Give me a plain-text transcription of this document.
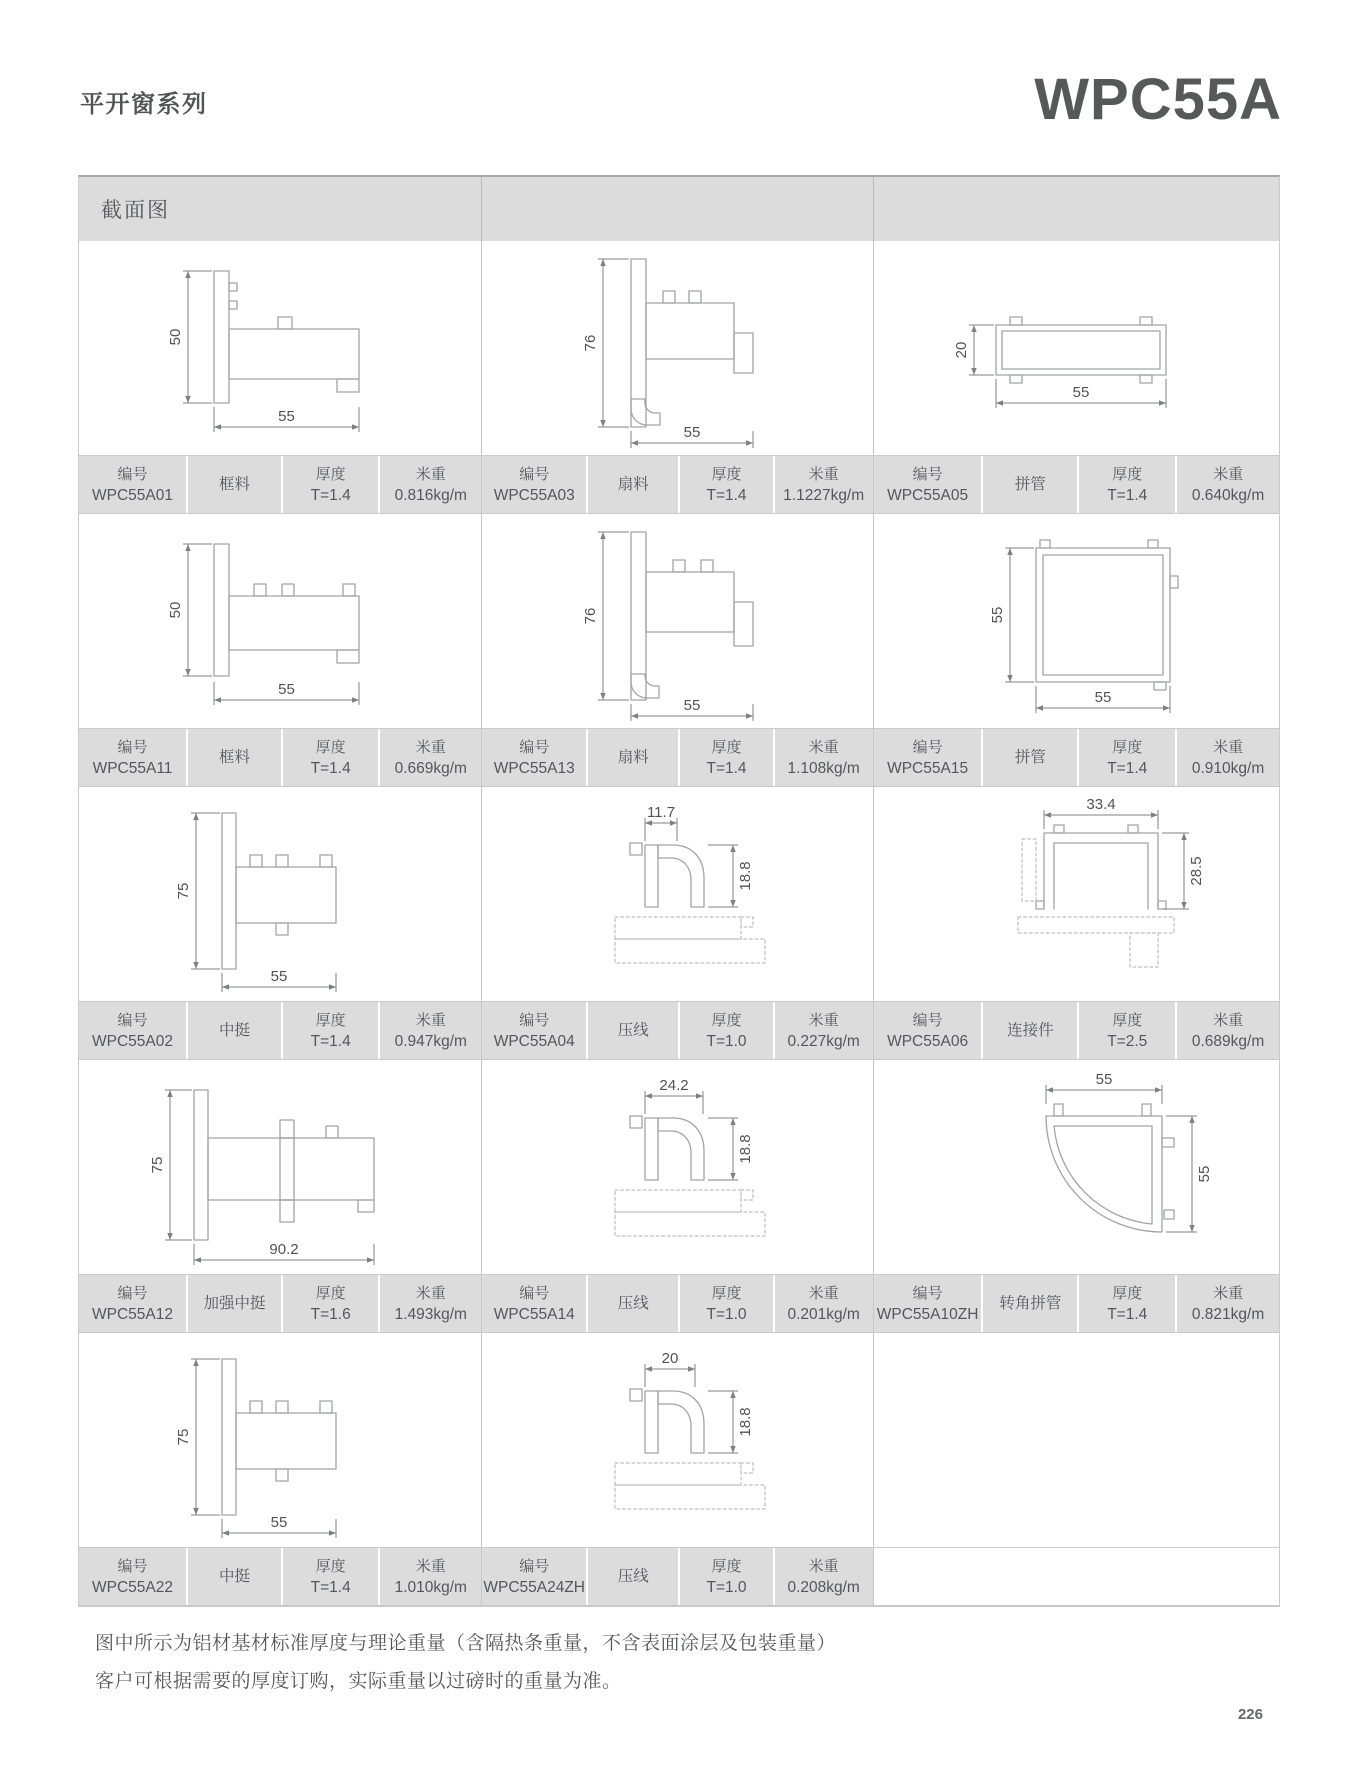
平开窗系列	WPC55A
截面图
50
55
76
55
20
55
编号
WPC55A01
框料
厚度
T=1.4
米重
0.816kg/m
编号
WPC55A03
扇料
厚度
T=1.4
米重
1.1227kg/m
编号
WPC55A05
拼管
厚度
T=1.4
米重
0.640kg/m
50
55
76
55
55
55
编号
WPC55A11
框料
厚度
T=1.4
米重
0.669kg/m
编号
WPC55A13
扇料
厚度
T=1.4
米重
1.108kg/m
编号
WPC55A15
拼管
厚度
T=1.4
米重
0.910kg/m
75
55
11.7
18.8
33.4
28.5
编号
WPC55A02
中挺
厚度
T=1.4
米重
0.947kg/m
编号
WPC55A04
压线
厚度
T=1.0
米重
0.227kg/m
编号
WPC55A06
连接件
厚度
T=2.5
米重
0.689kg/m
75
90.2
24.2
18.8
55
55
编号
WPC55A12
加强中挺
厚度
T=1.6
米重
1.493kg/m
编号
WPC55A14
压线
厚度
T=1.0
米重
0.201kg/m
编号
WPC55A10ZH
转角拼管
厚度
T=1.4
米重
0.821kg/m
75
55
20
18.8
编号
WPC55A22
中挺
厚度
T=1.4
米重
1.010kg/m
编号
WPC55A24ZH
压线
厚度
T=1.0
米重
0.208kg/m
图中所示为铝材基材标准厚度与理论重量（含隔热条重量，不含表面涂层及包装重量）
客户可根据需要的厚度订购，实际重量以过磅时的重量为准。
226
